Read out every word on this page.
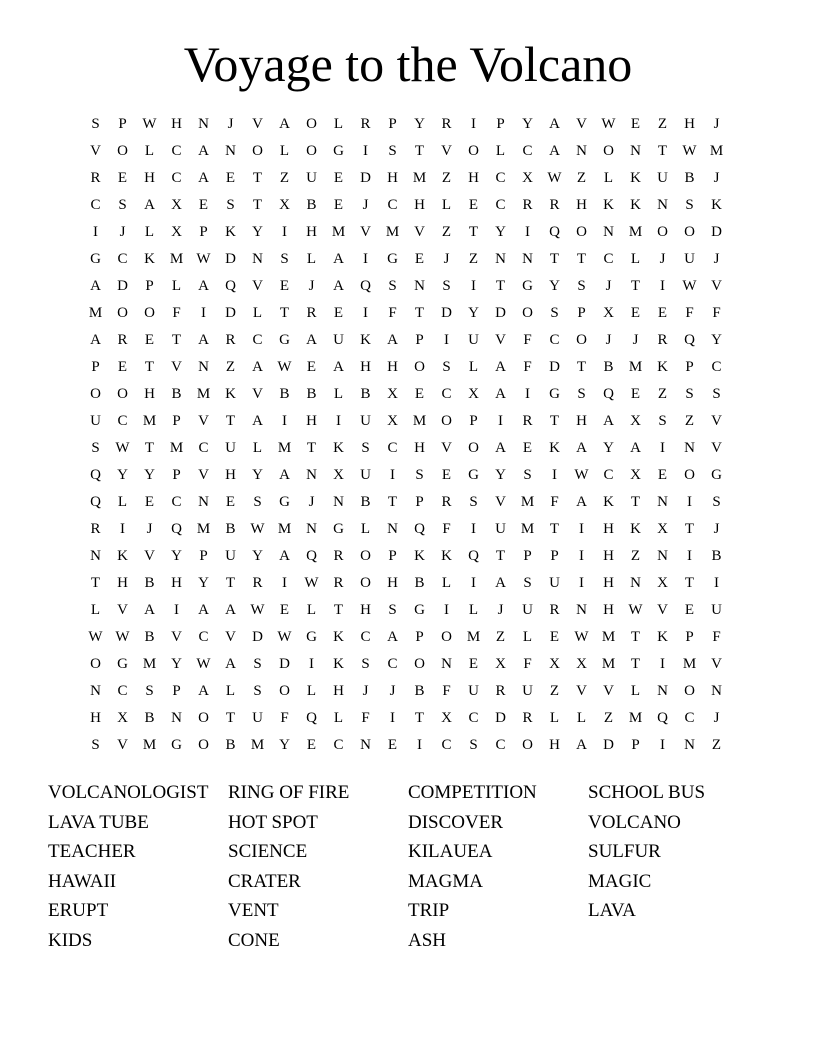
Voyage to the Volcano
S	P	W H	N	J	V	A	O	L	R	P	Y	R	I	P	Y	A	V W	E	Z	H	J
V	O	L	C	A	N	O	L	O	G	I	S	T	V	O	L	C	A	N	O	N	T	W M
R	E	H	C	A	E	T	Z	U	E	D	H M	Z	H	C	X W	Z	L	K	U	B	J
C	S	A	X	E	S	T	X	B	E	J	C	H	L	E	C	R	R	H	K	K	N	S	K
I	J	L	X	P	K	Y	I	H M V M V	Z	T	Y	I	Q	O	N M O	O	D
G	C	K M W D	N	S	L	A	I	G	E	J	Z	N	N	T	T	C	L	J	U	J
A	D	P	L	A	Q	V	E	J	A	Q	S	N	S	I	T	G	Y	S	J	T	I	W V
M O	O	F	I	D	L	T	R	E	I	F	T	D	Y	D	O	S	P	X	E	E	F	F
A	R	E	T	A	R	C	G	A	U	K	A	P	I	U	V	F	C	O	J	J	R	Q	Y
P	E	T	V	N	Z	A W	E	A	H	H	O	S	L	A	F	D	T	B	M K	P	C
O	O	H	B	M K	V	B	B	L	B	X	E	C	X	A	I	G	S	Q	E	Z	S	S
U	C	M	P	V	T	A	I	H	I	U	X M O	P	I	R	T	H	A	X	S	Z	V
S	W	T	M	C	U	L	M	T	K	S	C	H	V	O	A	E	K	A	Y	A	I	N	V
Q	Y	Y	P	V	H	Y	A	N	X	U	I	S	E	G	Y	S	I	W C	X	E	O	G
Q	L	E	C	N	E	S	G	J	N	B	T	P	R	S	V M	F	A	K	T	N	I	S
R	I	J	Q M	B W M N	G	L	N	Q	F	I	U M	T	I	H	K	X	T	J
N	K	V	Y	P	U	Y	A	Q	R	O	P	K	K	Q	T	P	P	I	H	Z	N	I	B
T	H	B	H	Y	T	R	I	W R	O	H	B	L	I	A	S	U	I	H	N	X	T	I
L	V	A	I	A	A W	E	L	T	H	S	G	I	L	J	U	R	N	H W V	E	U
W W B	V	C	V	D W G	K	C	A	P	O M	Z	L	E	W M	T	K	P	F
O	G M Y W A	S	D	I	K	S	C	O	N	E	X	F	X	X M	T	I	M V
N	C	S	P	A	L	S	O	L	H	J	J	B	F	U	R	U	Z	V	V	L	N	O	N
H	X	B	N	O	T	U	F	Q	L	F	I	T	X	C	D	R	L	L	Z	M Q	C	J
S	V M G	O	B	M Y	E	C	N	E	I	C	S	C	O	H	A	D	P	I	N	Z
VOLCANOLOGIST
LAVA TUBE
TEACHER
HAWAII
ERUPT
KIDS
RING OF FIRE
HOT SPOT
SCIENCE
CRATER
VENT
CONE
COMPETITION
DISCOVER
KILAUEA
MAGMA
TRIP
ASH
SCHOOL BUS
VOLCANO
SULFUR
MAGIC
LAVA
